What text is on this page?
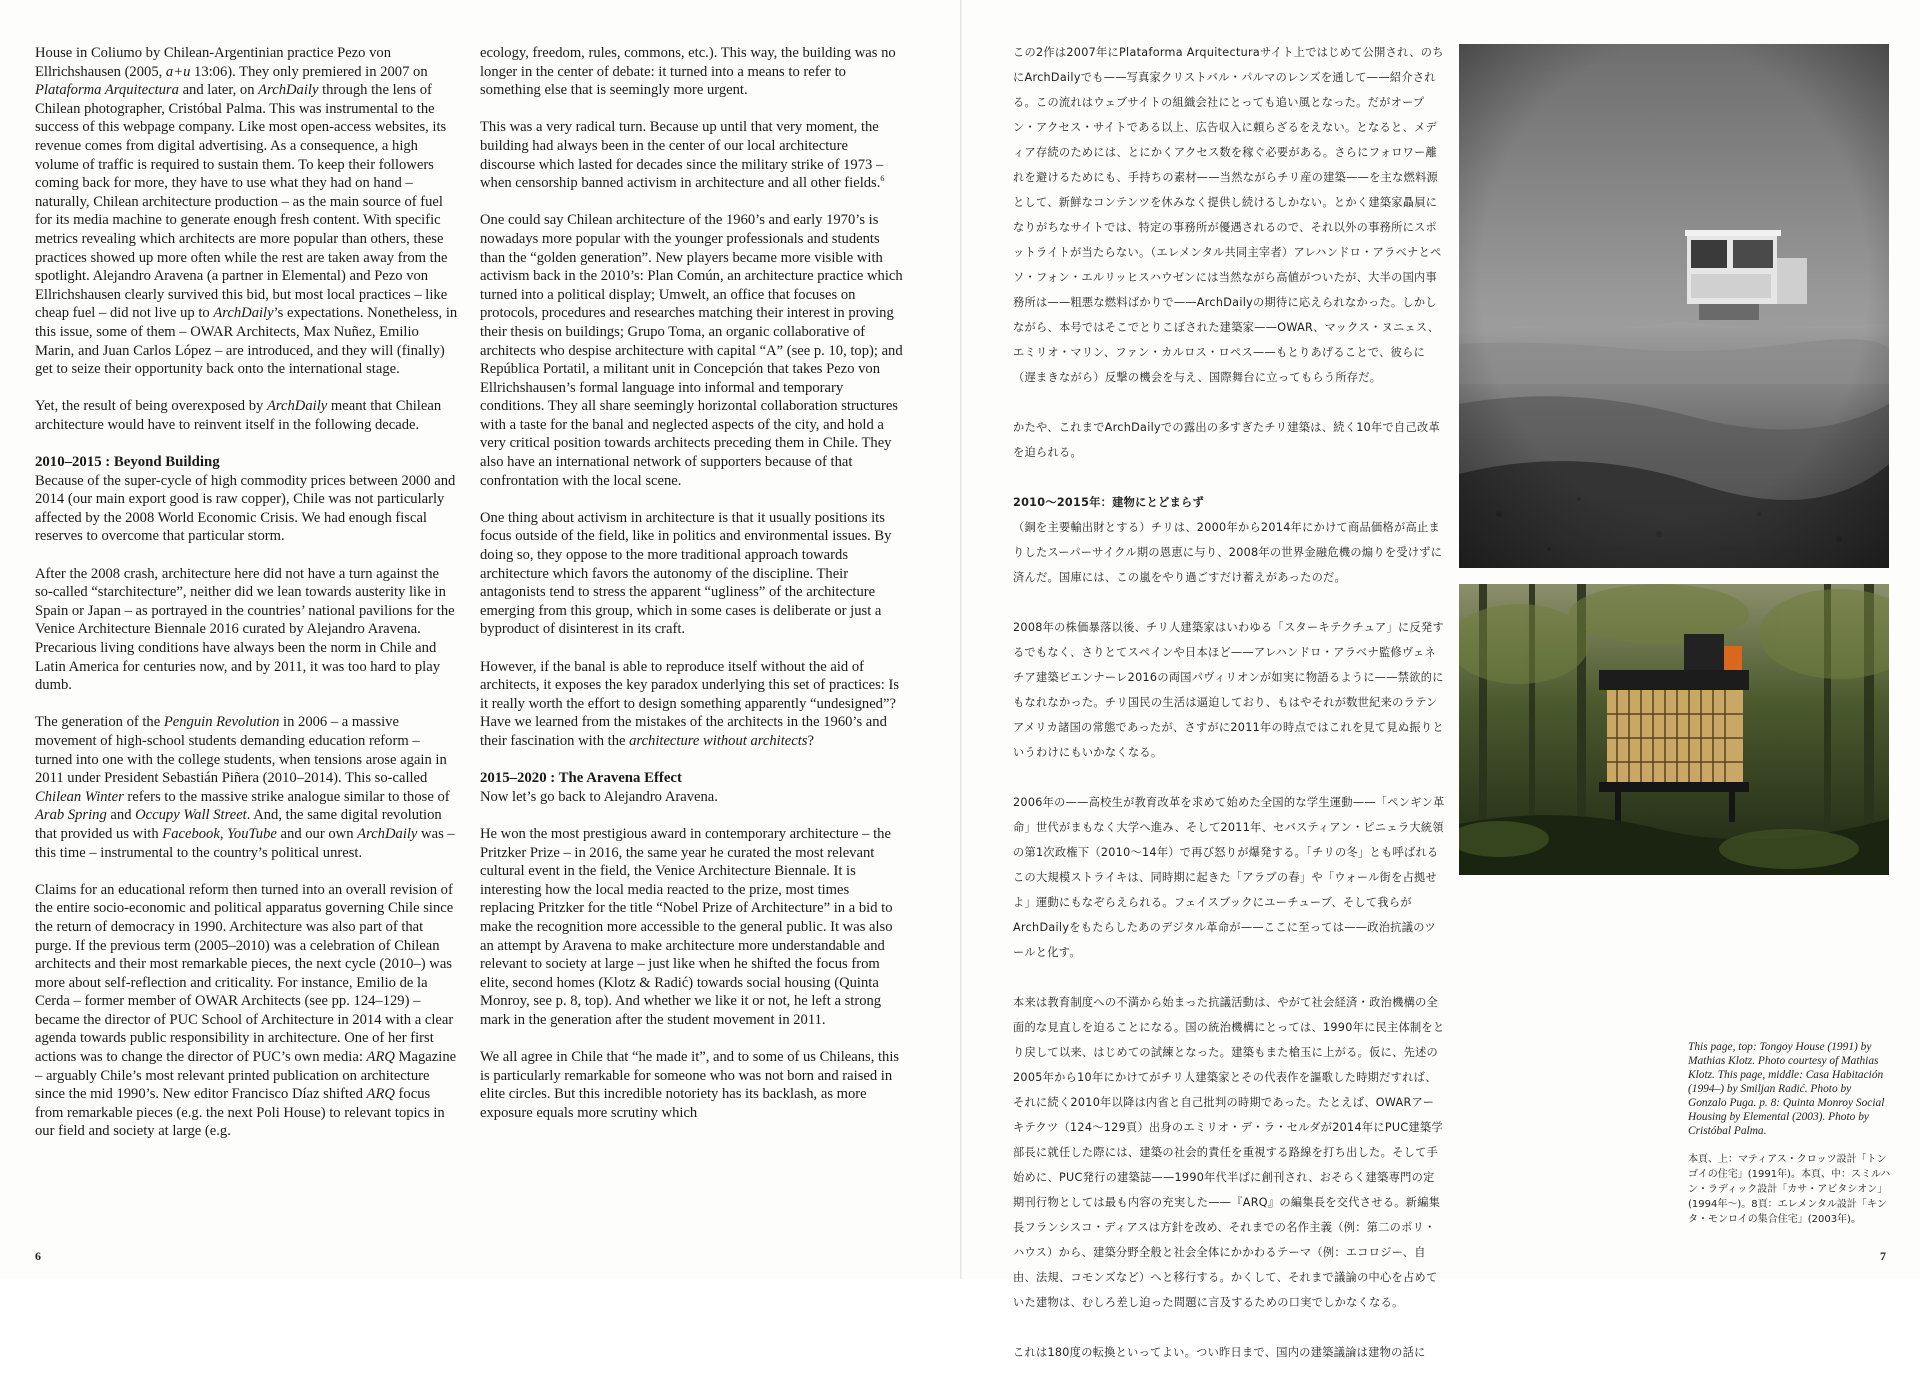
House in Coliumo by Chilean-Argentinian practice Pezo von Ellrichshausen (2005, a+u 13:06). They only premiered in 2007 on Plataforma Arquitectura and later, on ArchDaily through the lens of Chilean photographer, Cristóbal Palma. This was instrumental to the success of this webpage company. Like most open-access websites, its revenue comes from digital advertising. As a consequence, a high volume of traffic is required to sustain them. To keep their followers coming back for more, they have to use what they had on hand – naturally, Chilean architecture production – as the main source of fuel for its media machine to generate enough fresh content. With specific metrics revealing which architects are more popular than others, these practices showed up more often while the rest are taken away from the spotlight. Alejandro Aravena (a partner in Elemental) and Pezo von Ellrichshausen clearly survived this bid, but most local practices – like cheap fuel – did not live up to ArchDaily’s expectations. Nonetheless, in this issue, some of them – OWAR Architects, Max Nuñez, Emilio Marin, and Juan Carlos López – are introduced, and they will (finally) get to seize their opportunity back onto the international stage.

Yet, the result of being overexposed by ArchDaily meant that Chilean architecture would have to reinvent itself in the following decade.

2010–2015 : Beyond Building

Because of the super-cycle of high commodity prices between 2000 and 2014 (our main export good is raw copper), Chile was not particularly affected by the 2008 World Economic Crisis. We had enough fiscal reserves to overcome that particular storm.

After the 2008 crash, architecture here did not have a turn against the so-called “starchitecture”, neither did we lean towards austerity like in Spain or Japan – as portrayed in the countries’ national pavilions for the Venice Architecture Biennale 2016 curated by Alejandro Aravena. Precarious living conditions have always been the norm in Chile and Latin America for centuries now, and by 2011, it was too hard to play dumb.

The generation of the Penguin Revolution in 2006 – a massive movement of high-school students demanding education reform – turned into one with the college students, when tensions arose again in 2011 under President Sebastián Piñera (2010–2014). This so-called Chilean Winter refers to the massive strike analogue similar to those of Arab Spring and Occupy Wall Street. And, the same digital revolution that provided us with Facebook, YouTube and our own ArchDaily was – this time – instrumental to the country’s political unrest.

Claims for an educational reform then turned into an overall revision of the entire socio-economic and political apparatus governing Chile since the return of democracy in 1990. Architecture was also part of that purge. If the previous term (2005–2010) was a celebration of Chilean architects and their most remarkable pieces, the next cycle (2010–) was more about self-reflection and criticality. For instance, Emilio de la Cerda – former member of OWAR Architects (see pp. 124–129) – became the director of PUC School of Architecture in 2014 with a clear agenda towards public responsibility in architecture. One of her first actions was to change the director of PUC’s own media: ARQ Magazine – arguably Chile’s most relevant printed publication on architecture since the mid 1990’s. New editor Francisco Díaz shifted ARQ focus from remarkable pieces (e.g. the next Poli House) to relevant topics in our field and society at large (e.g.

ecology, freedom, rules, commons, etc.). This way, the building was no longer in the center of debate: it turned into a means to refer to something else that is seemingly more urgent.

This was a very radical turn. Because up until that very moment, the building had always been in the center of our local architecture discourse which lasted for decades since the military strike of 1973 – when censorship banned activism in architecture and all other fields.$^6$

One could say Chilean architecture of the 1960’s and early 1970’s is nowadays more popular with the younger professionals and students than the “golden generation”. New players became more visible with activism back in the 2010’s: Plan Común, an architecture practice which turned into a political display; Umwelt, an office that focuses on protocols, procedures and researches matching their interest in proving their thesis on buildings; Grupo Toma, an organic collaborative of architects who despise architecture with capital “A” (see p. 10, top); and República Portatil, a militant unit in Concepción that takes Pezo von Ellrichshausen’s formal language into informal and temporary conditions. They all share seemingly horizontal collaboration structures with a taste for the banal and neglected aspects of the city, and hold a very critical position towards architects preceding them in Chile. They also have an international network of supporters because of that confrontation with the local scene.

One thing about activism in architecture is that it usually positions its focus outside of the field, like in politics and environmental issues. By doing so, they oppose to the more traditional approach towards architecture which favors the autonomy of the discipline. Their antagonists tend to stress the apparent “ugliness” of the architecture emerging from this group, which in some cases is deliberate or just a byproduct of disinterest in its craft.

However, if the banal is able to reproduce itself without the aid of architects, it exposes the key paradox underlying this set of practices: Is it really worth the effort to design something apparently “undesigned”? Have we learned from the mistakes of the architects in the 1960’s and their fascination with the architecture without architects?

2015–2020 : The Aravena Effect

Now let’s go back to Alejandro Aravena.

He won the most prestigious award in contemporary architecture – the Pritzker Prize – in 2016, the same year he curated the most relevant cultural event in the field, the Venice Architecture Biennale. It is interesting how the local media reacted to the prize, most times replacing Pritzker for the title “Nobel Prize of Architecture” in a bid to make the recognition more accessible to the general public. It was also an attempt by Aravena to make architecture more understandable and relevant to society at large – just like when he shifted the focus from elite, second homes (Klotz & Radić) towards social housing (Quinta Monroy, see p. 8, top). And whether we like it or not, he left a strong mark in the generation after the student movement in 2011.

We all agree in Chile that “he made it”, and to some of us Chileans, this is particularly remarkable for someone who was not born and raised in elite circles. But this incredible notoriety has its backlash, as more exposure equals more scrutiny which

6

この2作は2007年にPlataforma Arquitecturaサイト上ではじめて公開され、のちにArchDailyでも——写真家クリストバル・パルマのレンズを通して——紹介される。この流れはウェブサイトの組織会社にとっても追い風となった。だがオープン・アクセス・サイトである以上、広告収入に頼らざるをえない。となると、メディア存続のためには、とにかくアクセス数を稼ぐ必要がある。さらにフォロワー離れを避けるためにも、手持ちの素材——当然ながらチリ産の建築——を主な燃料源として、新鮮なコンテンツを休みなく提供し続けるしかない。とかく建築家贔屓になりがちなサイトでは、特定の事務所が優遇されるので、それ以外の事務所にスポットライトが当たらない。（エレメンタル共同主宰者）アレハンドロ・アラベナとペソ・フォン・エルリッヒスハウゼンには当然ながら高値がついたが、大半の国内事務所は——粗悪な燃料ばかりで——ArchDailyの期待に応えられなかった。しかしながら、本号ではそこでとりこぼされた建築家——OWAR、マックス・ヌニェス、エミリオ・マリン、ファン・カルロス・ロペス——もとりあげることで、彼らに（遅まきながら）反撃の機会を与え、国際舞台に立ってもらう所存だ。

かたや、これまでArchDailyでの露出の多すぎたチリ建築は、続く10年で自己改革を迫られる。

2010〜2015年：建物にとどまらず

（銅を主要輸出財とする）チリは、2000年から2014年にかけて商品価格が高止まりしたスーパーサイクル期の恩恵に与り、2008年の世界金融危機の煽りを受けずに済んだ。国庫には、この嵐をやり過ごすだけ蓄えがあったのだ。

2008年の株価暴落以後、チリ人建築家はいわゆる「スターキテクチュア」に反発するでもなく、さりとてスペインや日本ほど——アレハンドロ・アラベナ監修ヴェネチア建築ビエンナーレ2016の両国パヴィリオンが如実に物語るように——禁欲的にもなれなかった。チリ国民の生活は逼迫しており、もはやそれが数世紀来のラテンアメリカ諸国の常態であったが、さすがに2011年の時点ではこれを見て見ぬ振りというわけにもいかなくなる。

2006年の——高校生が教育改革を求めて始めた全国的な学生運動——「ペンギン革命」世代がまもなく大学へ進み、そして2011年、セバスティアン・ピニェラ大統領の第1次政権下（2010〜14年）で再び怒りが爆発する。「チリの冬」とも呼ばれるこの大規模ストライキは、同時期に起きた「アラブの春」や「ウォール街を占拠せよ」運動にもなぞらえられる。フェイスブックにユーチューブ、そして我らがArchDailyをもたらしたあのデジタル革命が——ここに至っては——政治抗議のツールと化す。

本来は教育制度への不満から始まった抗議活動は、やがて社会経済・政治機構の全面的な見直しを迫ることになる。国の統治機構にとっては、1990年に民主体制をとり戻して以来、はじめての試練となった。建築もまた槍玉に上がる。仮に、先述の2005年から10年にかけてがチリ人建築家とその代表作を謳歌した時期だすれば、それに続く2010年以降は内省と自己批判の時期であった。たとえば、OWARアーキテクツ（124〜129頁）出身のエミリオ・デ・ラ・セルダが2014年にPUC建築学部長に就任した際には、建築の社会的責任を重視する路線を打ち出した。そして手始めに、PUC発行の建築誌——1990年代半ばに創刊され、おそらく建築専門の定期刊行物としては最も内容の充実した——『ARQ』の編集長を交代させる。新編集長フランシスコ・ディアスは方針を改め、それまでの名作主義（例：第二のポリ・ハウス）から、建築分野全般と社会全体にかかわるテーマ（例：エコロジー、自由、法規、コモンズなど）へと移行する。かくして、それまで議論の中心を占めていた建物は、むしろ差し迫った問題に言及するための口実でしかなくなる。

これは180度の転換といってよい。つい昨日まで、国内の建築議論は建物の話に

This page, top: Tongoy House (1991) by Mathias Klotz. Photo courtesy of Mathias Klotz. This page, middle: Casa Habitación (1994–) by Smiljan Radić. Photo by Gonzalo Puga. p. 8: Quinta Monroy Social Housing by Elemental (2003). Photo by Cristóbal Palma.
本頁、上：マティアス・クロッツ設計「トンゴイの住宅」(1991年)。本頁、中：スミルハン・ラディック設計「カサ・アビタシオン」(1994年〜)。8頁：エレメンタル設計「キンタ・モンロイの集合住宅」(2003年)。
7
